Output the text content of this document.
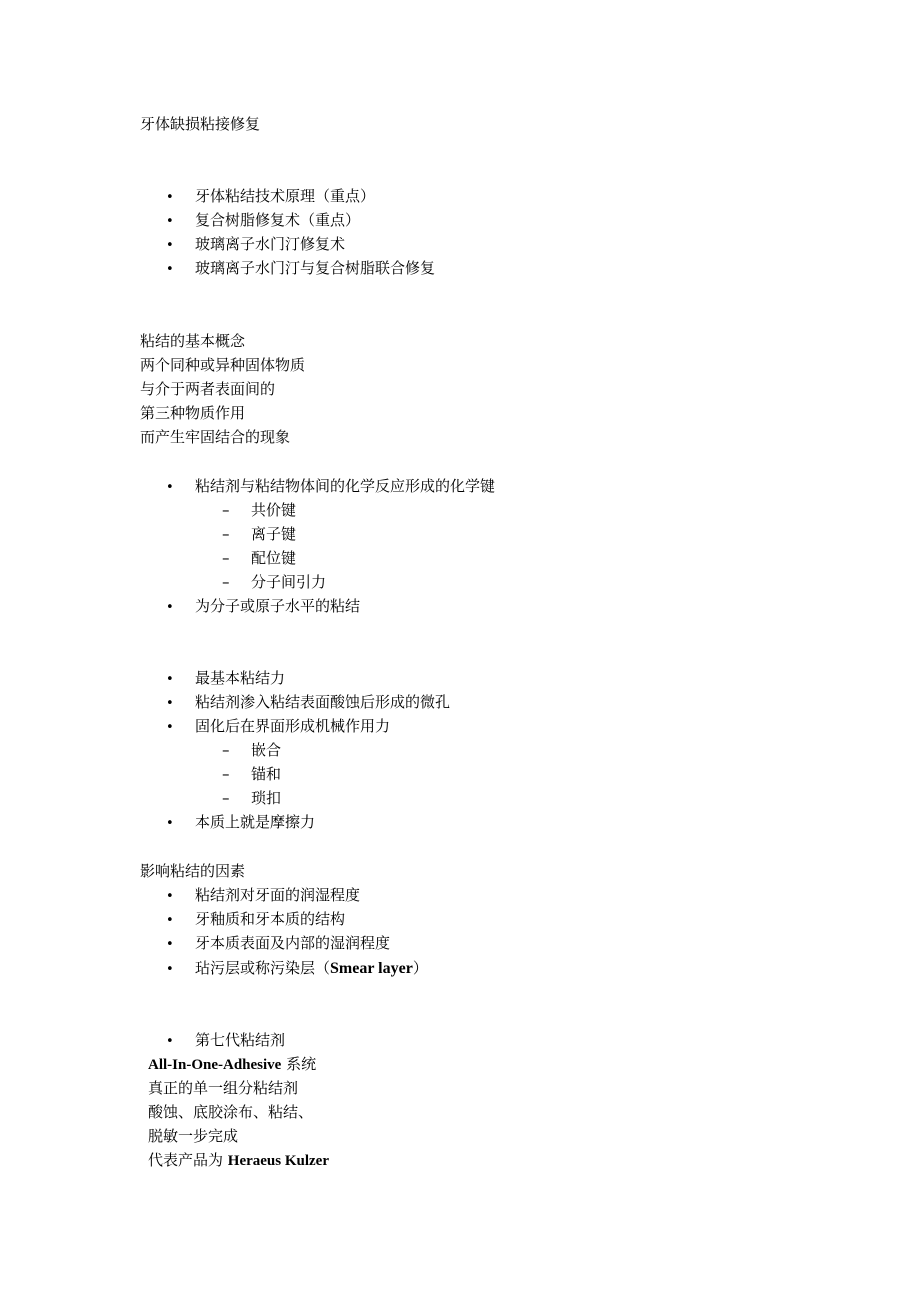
牙体缺损粘接修复

• 牙体粘结技术原理（重点）
• 复合树脂修复术（重点）
• 玻璃离子水门汀修复术
• 玻璃离子水门汀与复合树脂联合修复

粘结的基本概念

两个同种或异种固体物质

与介于两者表面间的

第三种物质作用

而产生牢固结合的现象

• 粘结剂与粘结物体间的化学反应形成的化学键
– 共价键
– 离子键
– 配位键
– 分子间引力
• 为分子或原子水平的粘结
• 最基本粘结力
• 粘结剂渗入粘结表面酸蚀后形成的微孔
• 固化后在界面形成机械作用力
– 嵌合
– 锚和
– 琐扣
• 本质上就是摩擦力

影响粘结的因素

• 粘结剂对牙面的润湿程度
• 牙釉质和牙本质的结构
• 牙本质表面及内部的湿润程度
• 玷污层或称污染层（Smear layer）
• 第七代粘结剂

All-In-One-Adhesive 系统

真正的单一组分粘结剂

酸蚀、底胶涂布、粘结、

脱敏一步完成

代表产品为 Heraeus Kulzer
